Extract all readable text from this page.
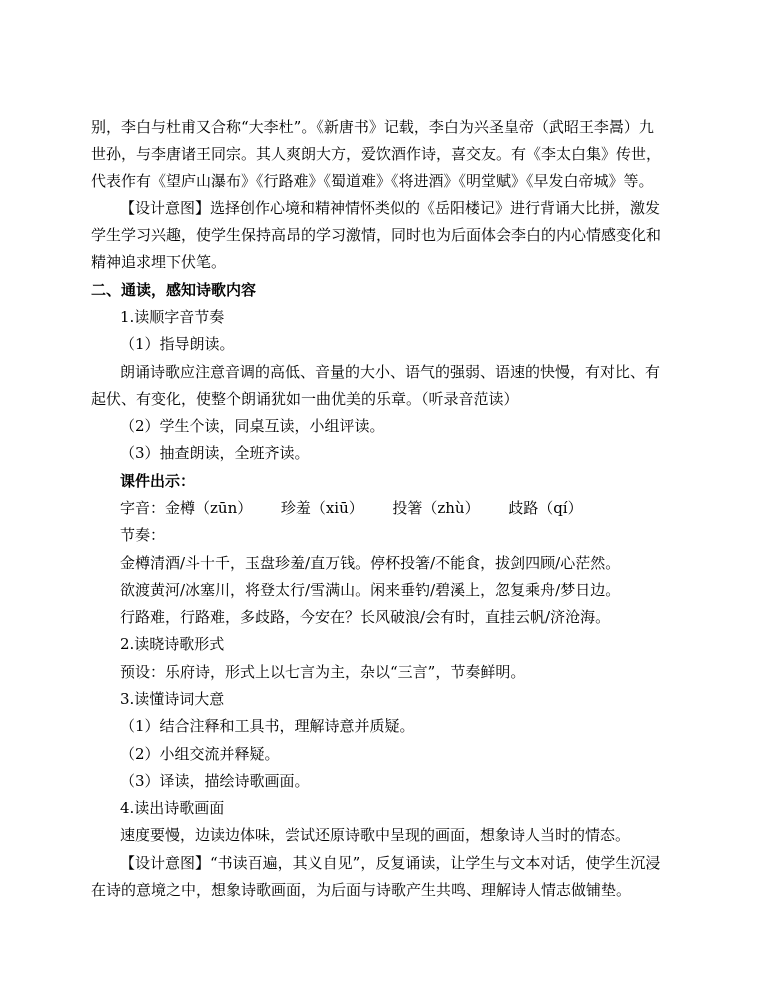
别，李白与杜甫又合称“大李杜”。《新唐书》记载，李白为兴圣皇帝（武昭王李暠）九
世孙，与李唐诸王同宗。其人爽朗大方，爱饮酒作诗，喜交友。有《李太白集》传世，
代表作有《望庐山瀑布》《行路难》《蜀道难》《将进酒》《明堂赋》《早发白帝城》等。
【设计意图】选择创作心境和精神情怀类似的《岳阳楼记》进行背诵大比拼，激发
学生学习兴趣，使学生保持高昂的学习激情，同时也为后面体会李白的内心情感变化和
精神追求埋下伏笔。
二、通读，感知诗歌内容
1.读顺字音节奏
（1）指导朗读。
朗诵诗歌应注意音调的高低、音量的大小、语气的强弱、语速的快慢，有对比、有
起伏、有变化，使整个朗诵犹如一曲优美的乐章。（听录音范读）
（2）学生个读，同桌互读，小组评读。
（3）抽查朗读，全班齐读。
课件出示：
字音：金樽（zūn）      珍羞（xiū）      投箸（zhù）      歧路（qí）
节奏：
金樽清酒/斗十千，玉盘珍羞/直万钱。停杯投箸/不能食，拔剑四顾/心茫然。
欲渡黄河/冰塞川，将登太行/雪满山。闲来垂钓/碧溪上，忽复乘舟/梦日边。
行路难，行路难，多歧路，今安在？长风破浪/会有时，直挂云帆/济沧海。
2.读晓诗歌形式
预设：乐府诗，形式上以七言为主，杂以“三言”，节奏鲜明。
3.读懂诗词大意
（1）结合注释和工具书，理解诗意并质疑。
（2）小组交流并释疑。
（3）译读，描绘诗歌画面。
4.读出诗歌画面
速度要慢，边读边体味，尝试还原诗歌中呈现的画面，想象诗人当时的情态。
【设计意图】“书读百遍，其义自见”，反复诵读，让学生与文本对话，使学生沉浸
在诗的意境之中，想象诗歌画面，为后面与诗歌产生共鸣、理解诗人情志做铺垫。
